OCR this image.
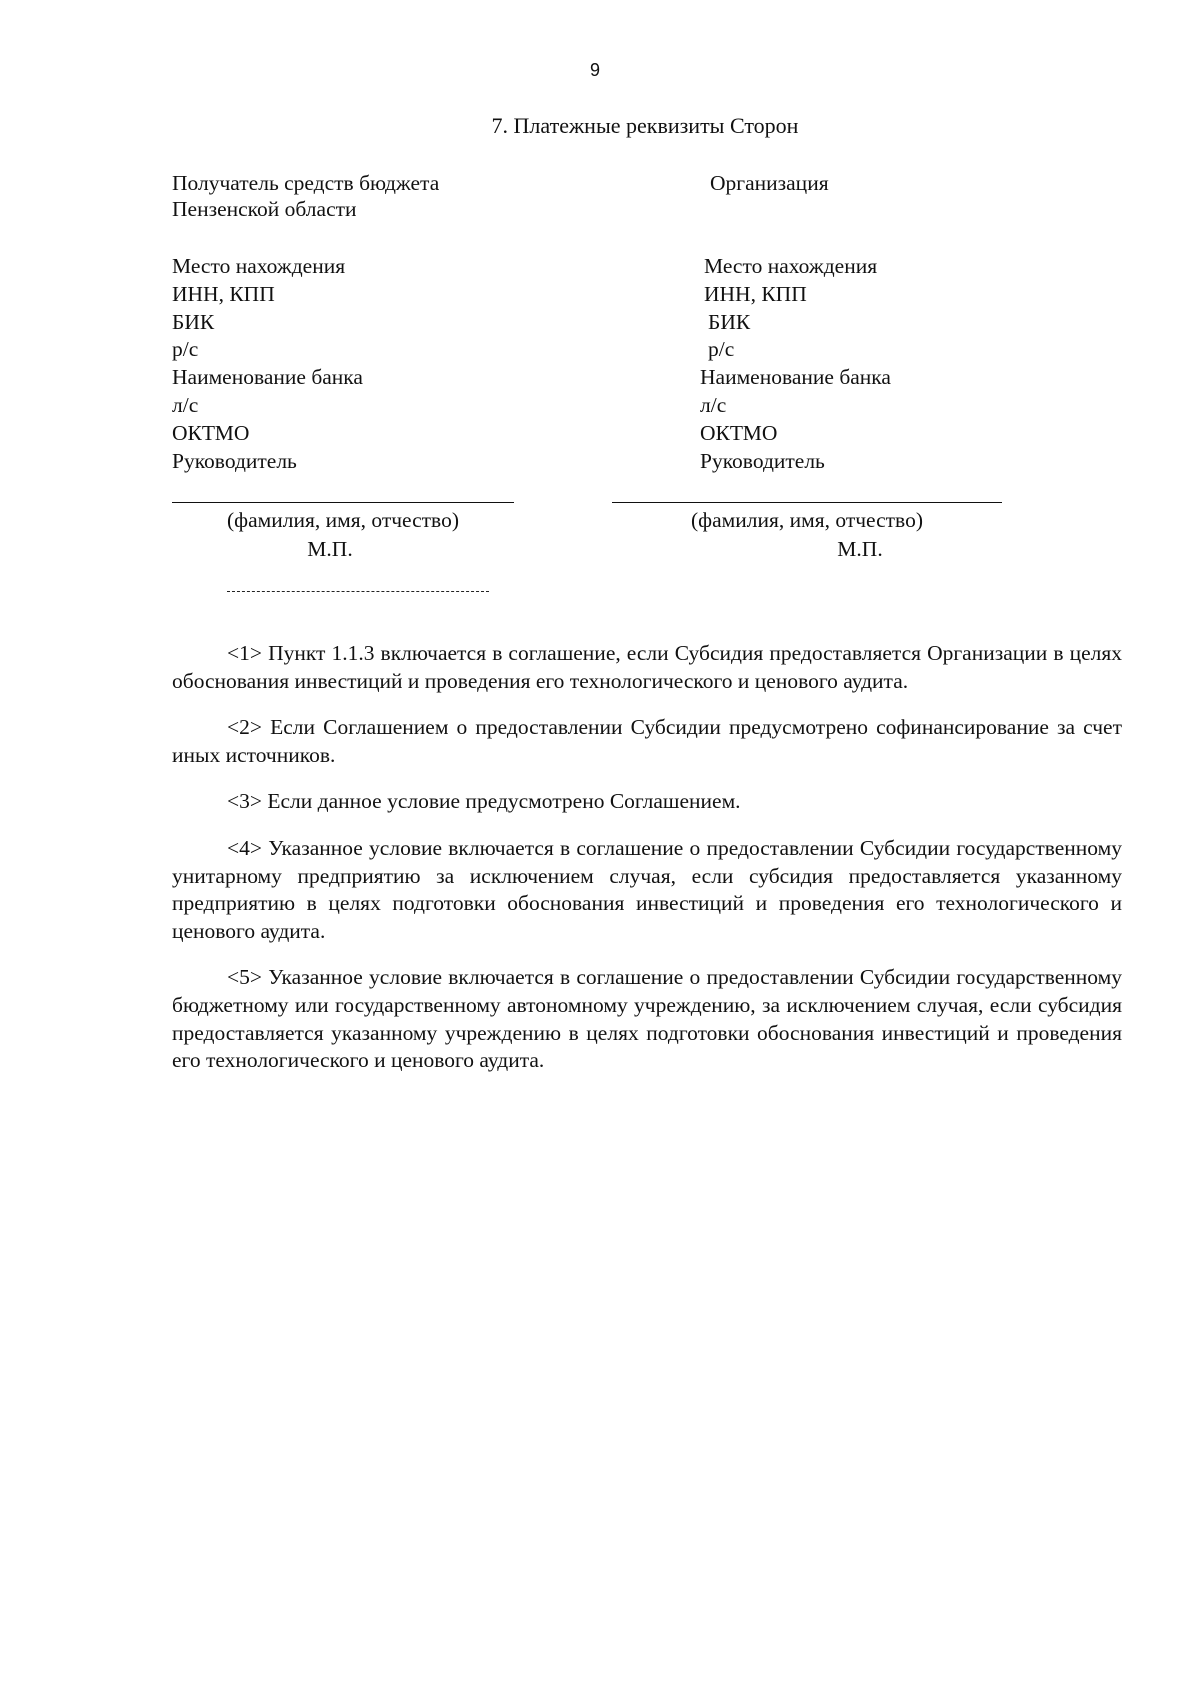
9
7. Платежные реквизиты Сторон
Получатель средств бюджета
Пензенской области
Организация
Место нахождения
ИНН, КПП
БИК
р/с
Наименование банка
л/с
ОКТМО
Руководитель
Место нахождения
ИНН, КПП
БИК
р/с
Наименование банка
л/с
ОКТМО
Руководитель
(фамилия, имя, отчество)	(фамилия, имя, отчество)
М.П.	М.П.

<1> Пункт 1.1.3 включается в соглашение, если Субсидия предоставляется Организации в целях обоснования инвестиций и проведения его технологического и ценового аудита.

<2> Если Соглашением о предоставлении Субсидии предусмотрено софинансирование за счет иных источников.

<3> Если данное условие предусмотрено Соглашением.

<4> Указанное условие включается в соглашение о предоставлении Субсидии государственному унитарному предприятию за исключением случая, если субсидия предоставляется указанному предприятию в целях подготовки обоснования инвестиций и проведения его технологического и ценового аудита.

<5> Указанное условие включается в соглашение о предоставлении Субсидии государственному бюджетному или государственному автономному учреждению, за исключением случая, если субсидия предоставляется указанному учреждению в целях подготовки обоснования инвестиций и проведения его технологического и ценового аудита.
